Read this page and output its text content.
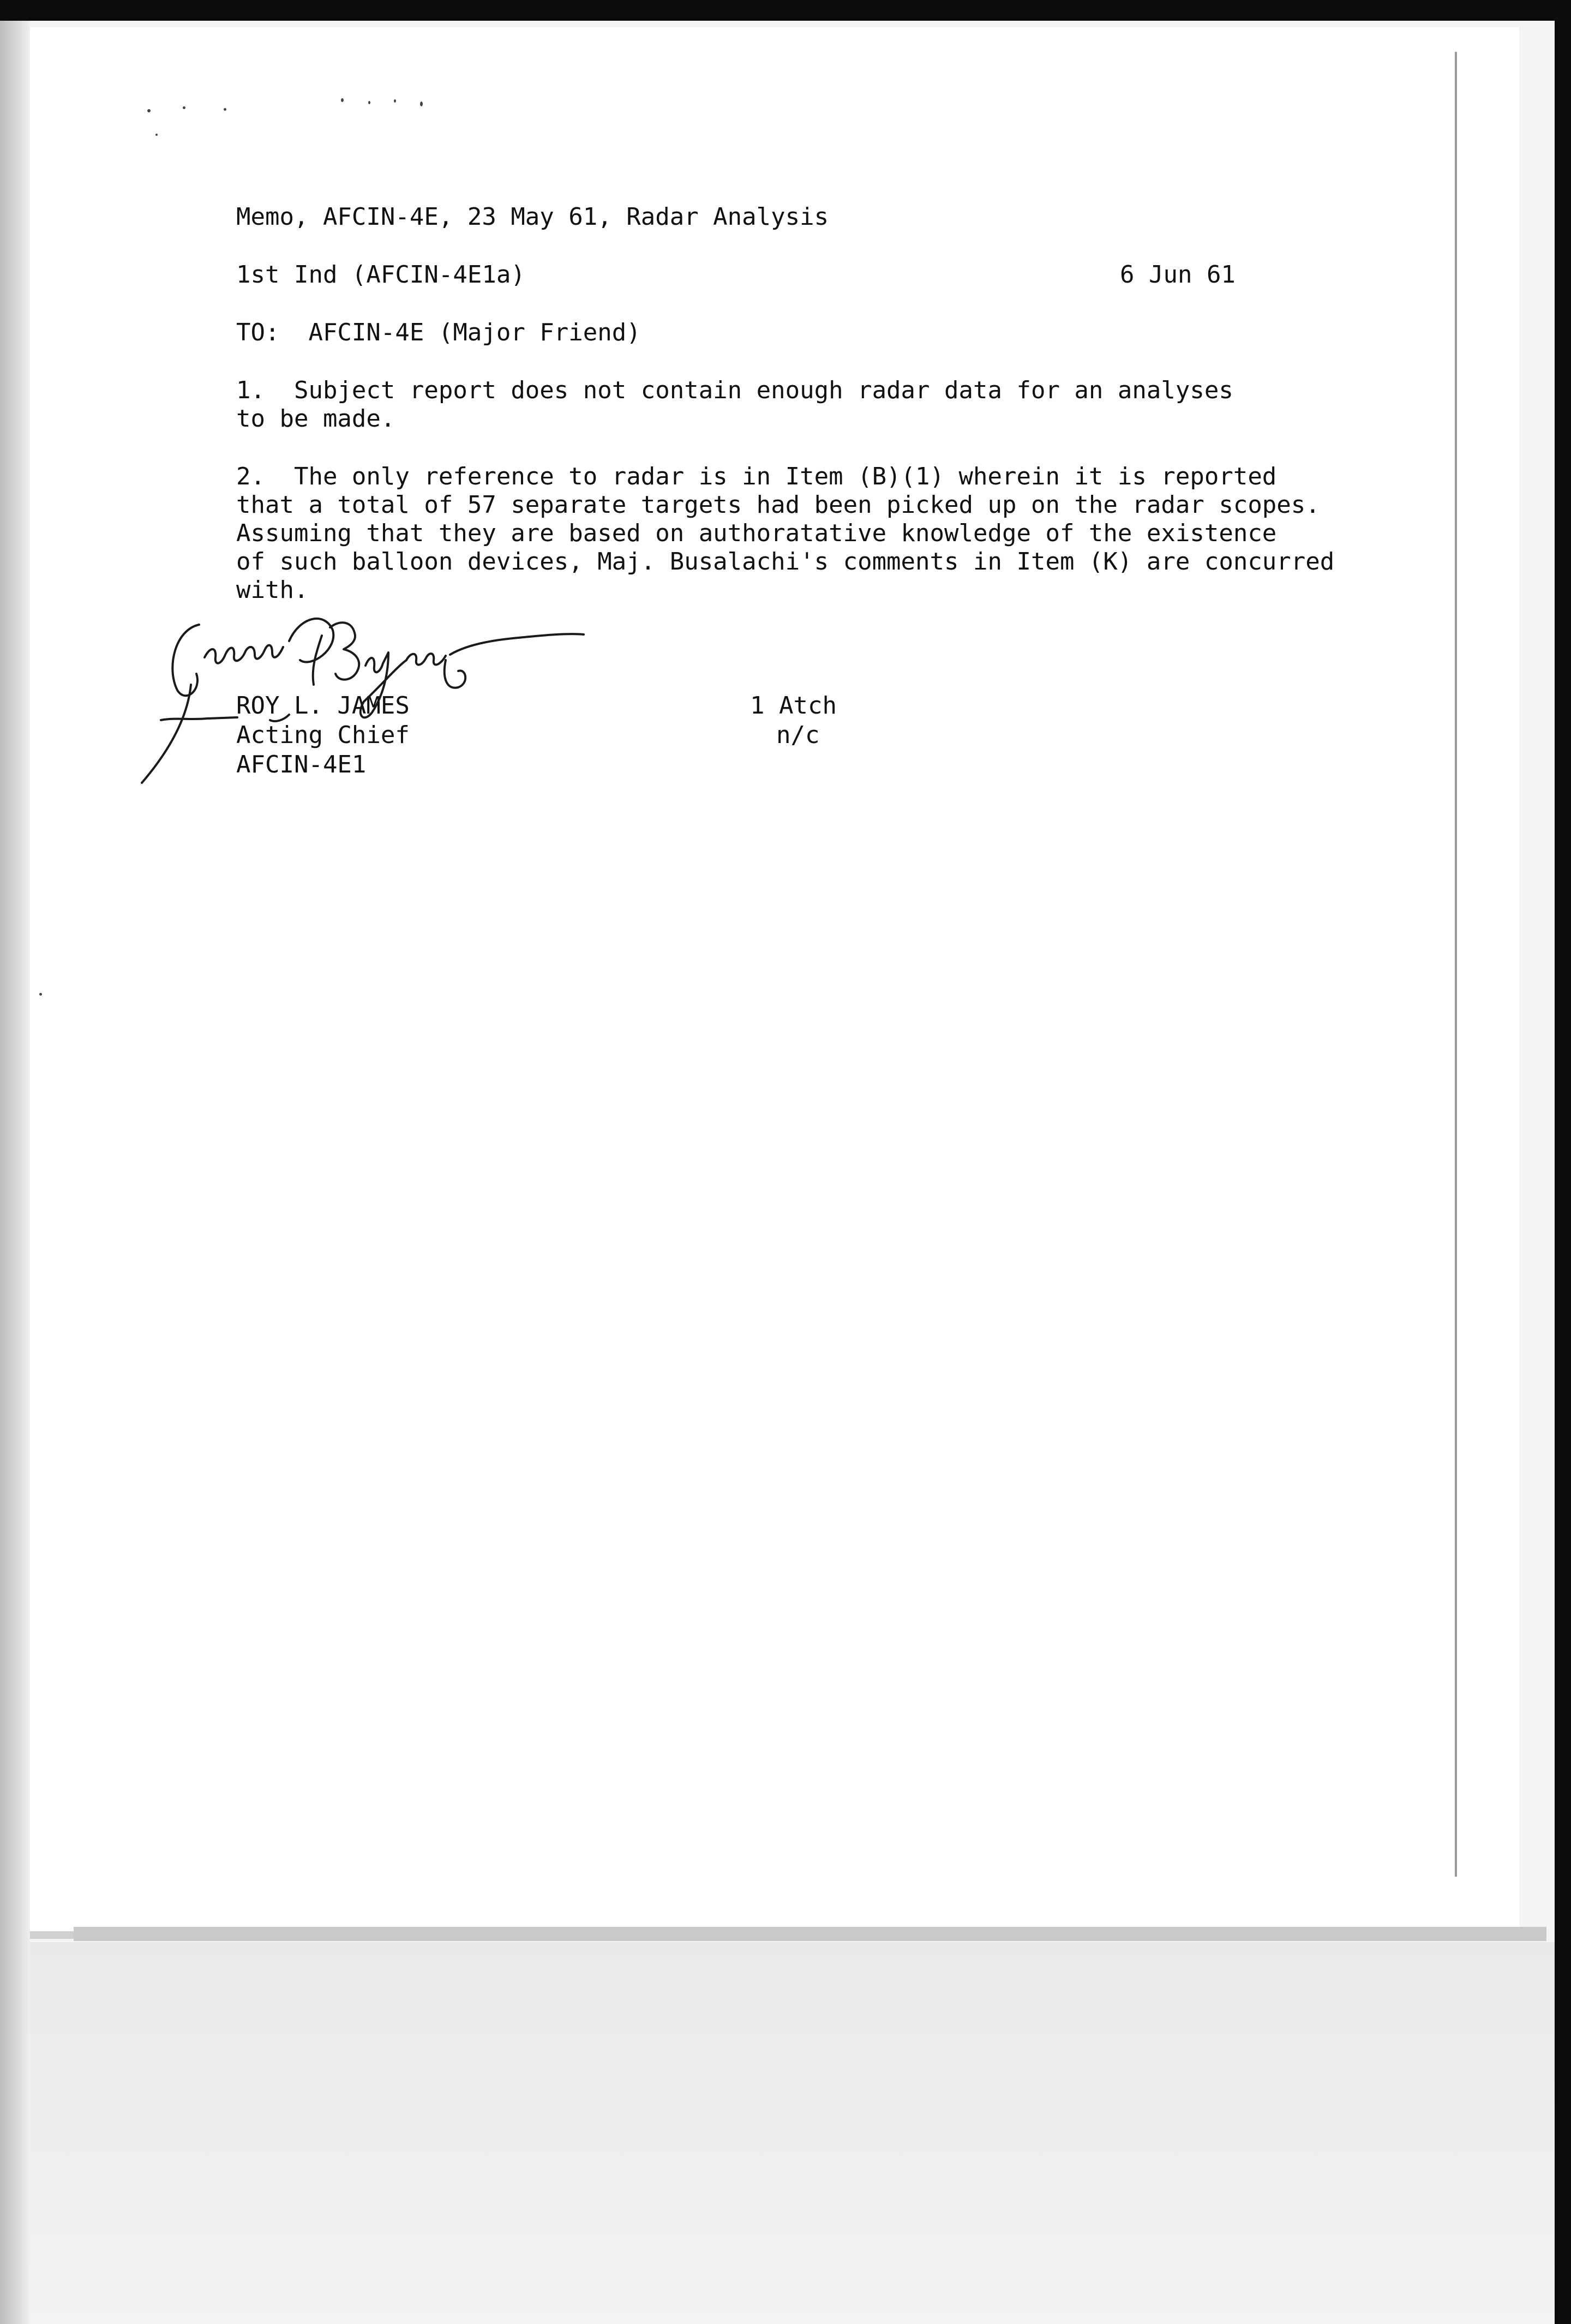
Memo, AFCIN-4E, 23 May 61, Radar Analysis
1st Ind (AFCIN-4E1a)	6 Jun 61
TO:  AFCIN-4E (Major Friend)
1.  Subject report does not contain enough radar data for an analyses
to be made.
2.  The only reference to radar is in Item (B)(1) wherein it is reported
that a total of 57 separate targets had been picked up on the radar scopes.
Assuming that they are based on authoratative knowledge of the existence
of such balloon devices, Maj. Busalachi's comments in Item (K) are concurred
with.
ROY L. JAMES
Acting Chief
AFCIN-4E1
1 Atch
n/c
